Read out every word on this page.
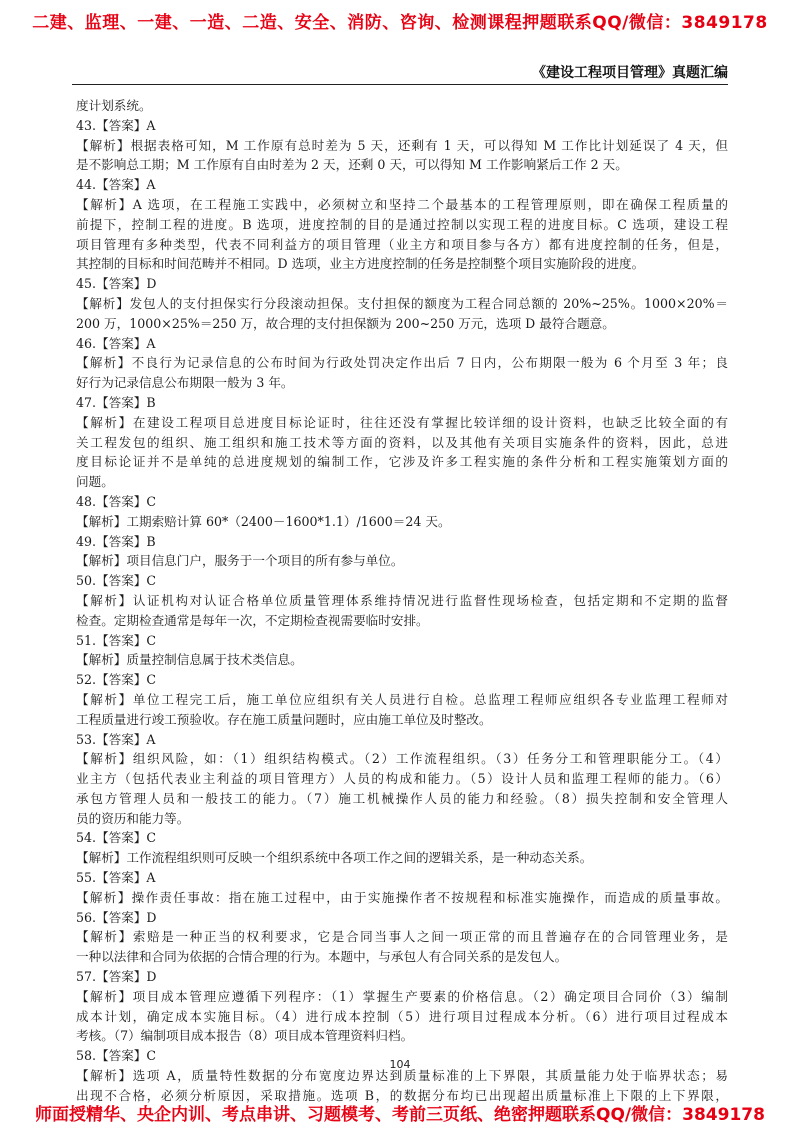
二建、监理、一建、一造、二造、安全、消防、咨询、检测课程押题联系QQ/微信：3849178
《建设工程项目管理》真题汇编
度计划系统。
43.【答案】A
【解析】根据表格可知，M 工作原有总时差为 5 天，还剩有 1 天，可以得知 M 工作比计划延误了 4 天，但
是不影响总工期；M 工作原有自由时差为 2 天，还剩 0 天，可以得知 M 工作影响紧后工作 2 天。
44.【答案】A
【解析】A 选项，在工程施工实践中，必须树立和坚持二个最基本的工程管理原则，即在确保工程质量的
前提下，控制工程的进度。B 选项，进度控制的目的是通过控制以实现工程的进度目标。C 选项，建设工程
项目管理有多种类型，代表不同利益方的项目管理（业主方和项目参与各方）都有进度控制的任务，但是，
其控制的目标和时间范畴并不相同。D 选项，业主方进度控制的任务是控制整个项目实施阶段的进度。
45.【答案】D
【解析】发包人的支付担保实行分段滚动担保。支付担保的额度为工程合同总额的 20%~25%。1000×20%＝
200 万，1000×25%＝250 万，故合理的支付担保额为 200~250 万元，选项 D 最符合题意。
46.【答案】A
【解析】不良行为记录信息的公布时间为行政处罚决定作出后 7 日内，公布期限一般为 6 个月至 3 年；良
好行为记录信息公布期限一般为 3 年。
47.【答案】B
【解析】在建设工程项目总进度目标论证时，往往还没有掌握比较详细的设计资料，也缺乏比较全面的有
关工程发包的组织、施工组织和施工技术等方面的资料，以及其他有关项目实施条件的资料，因此，总进
度目标论证并不是单纯的总进度规划的编制工作，它涉及许多工程实施的条件分析和工程实施策划方面的
问题。
48.【答案】C
【解析】工期索赔计算 60*（2400－1600*1.1）/1600＝24 天。
49.【答案】B
【解析】项目信息门户，服务于一个项目的所有参与单位。
50.【答案】C
【解析】认证机构对认证合格单位质量管理体系维持情况进行监督性现场检查，包括定期和不定期的监督
检查。定期检查通常是每年一次，不定期检查视需要临时安排。
51.【答案】C
【解析】质量控制信息属于技术类信息。
52.【答案】C
【解析】单位工程完工后，施工单位应组织有关人员进行自检。总监理工程师应组织各专业监理工程师对
工程质量进行竣工预验收。存在施工质量问题时，应由施工单位及时整改。
53.【答案】A
【解析】组织风险，如：（1）组织结构模式。（2）工作流程组织。（3）任务分工和管理职能分工。（4）
业主方（包括代表业主利益的项目管理方）人员的构成和能力。（5）设计人员和监理工程师的能力。（6）
承包方管理人员和一般技工的能力。（7）施工机械操作人员的能力和经验。（8）损失控制和安全管理人
员的资历和能力等。
54.【答案】C
【解析】工作流程组织则可反映一个组织系统中各项工作之间的逻辑关系，是一种动态关系。
55.【答案】A
【解析】操作责任事故：指在施工过程中，由于实施操作者不按规程和标准实施操作，而造成的质量事故。
56.【答案】D
【解析】索赔是一种正当的权利要求，它是合同当事人之间一项正常的而且普遍存在的合同管理业务，是
一种以法律和合同为依据的合情合理的行为。本题中，与承包人有合同关系的是发包人。
57.【答案】D
【解析】项目成本管理应遵循下列程序：（1）掌握生产要素的价格信息。（2）确定项目合同价（3）编制
成本计划，确定成本实施目标。（4）进行成本控制（5）进行项目过程成本分析。（6）进行项目过程成本
考核。（7）编制项目成本报告（8）项目成本管理资料归档。
58.【答案】C
【解析】选项 A，质量特性数据的分布宽度边界达到质量标准的上下界限，其质量能力处于临界状态；易
出现不合格，必须分析原因，采取措施。选项 B，的数据分布均已出现超出质量标准上下限的上下界限，
104
师面授精华、央企内训、考点串讲、习题模考、考前三页纸、绝密押题联系QQ/微信：3849178
